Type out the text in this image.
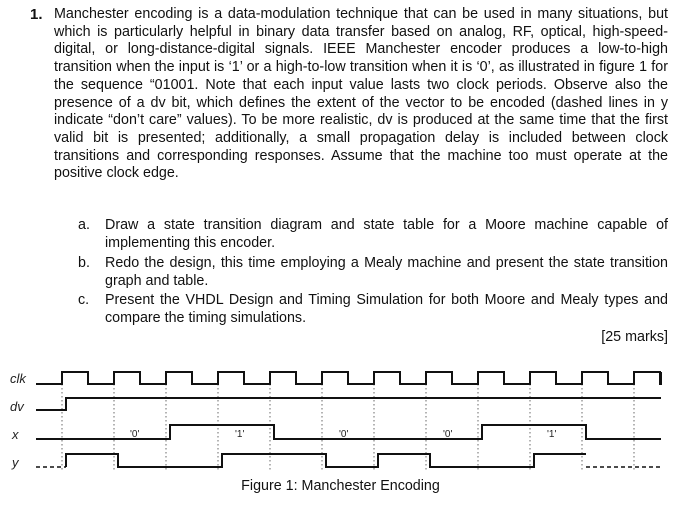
1. Manchester encoding is a data-modulation technique that can be used in many situations, but which is particularly helpful in binary data transfer based on analog, RF, optical, high-speed-digital, or long-distance-digital signals. IEEE Manchester encoder produces a low-to-high transition when the input is ‘1’ or a high-to-low transition when it is ‘0’, as illustrated in figure 1 for the sequence “01001. Note that each input value lasts two clock periods. Observe also the presence of a dv bit, which defines the extent of the vector to be encoded (dashed lines in y indicate “don’t care” values). To be more realistic, dv is produced at the same time that the first valid bit is presented; additionally, a small propagation delay is included between clock transitions and corresponding responses. Assume that the machine too must operate at the positive clock edge.
a. Draw a state transition diagram and state table for a Moore machine capable of implementing this encoder.
b. Redo the design, this time employing a Mealy machine and present the state transition graph and table.
c. Present the VHDL Design and Timing Simulation for both Moore and Mealy types and compare the timing simulations.
[25 marks]
clk
dv
x
y
'0'	'1'	'0'	'0'	'1'
Figure 1: Manchester Encoding
